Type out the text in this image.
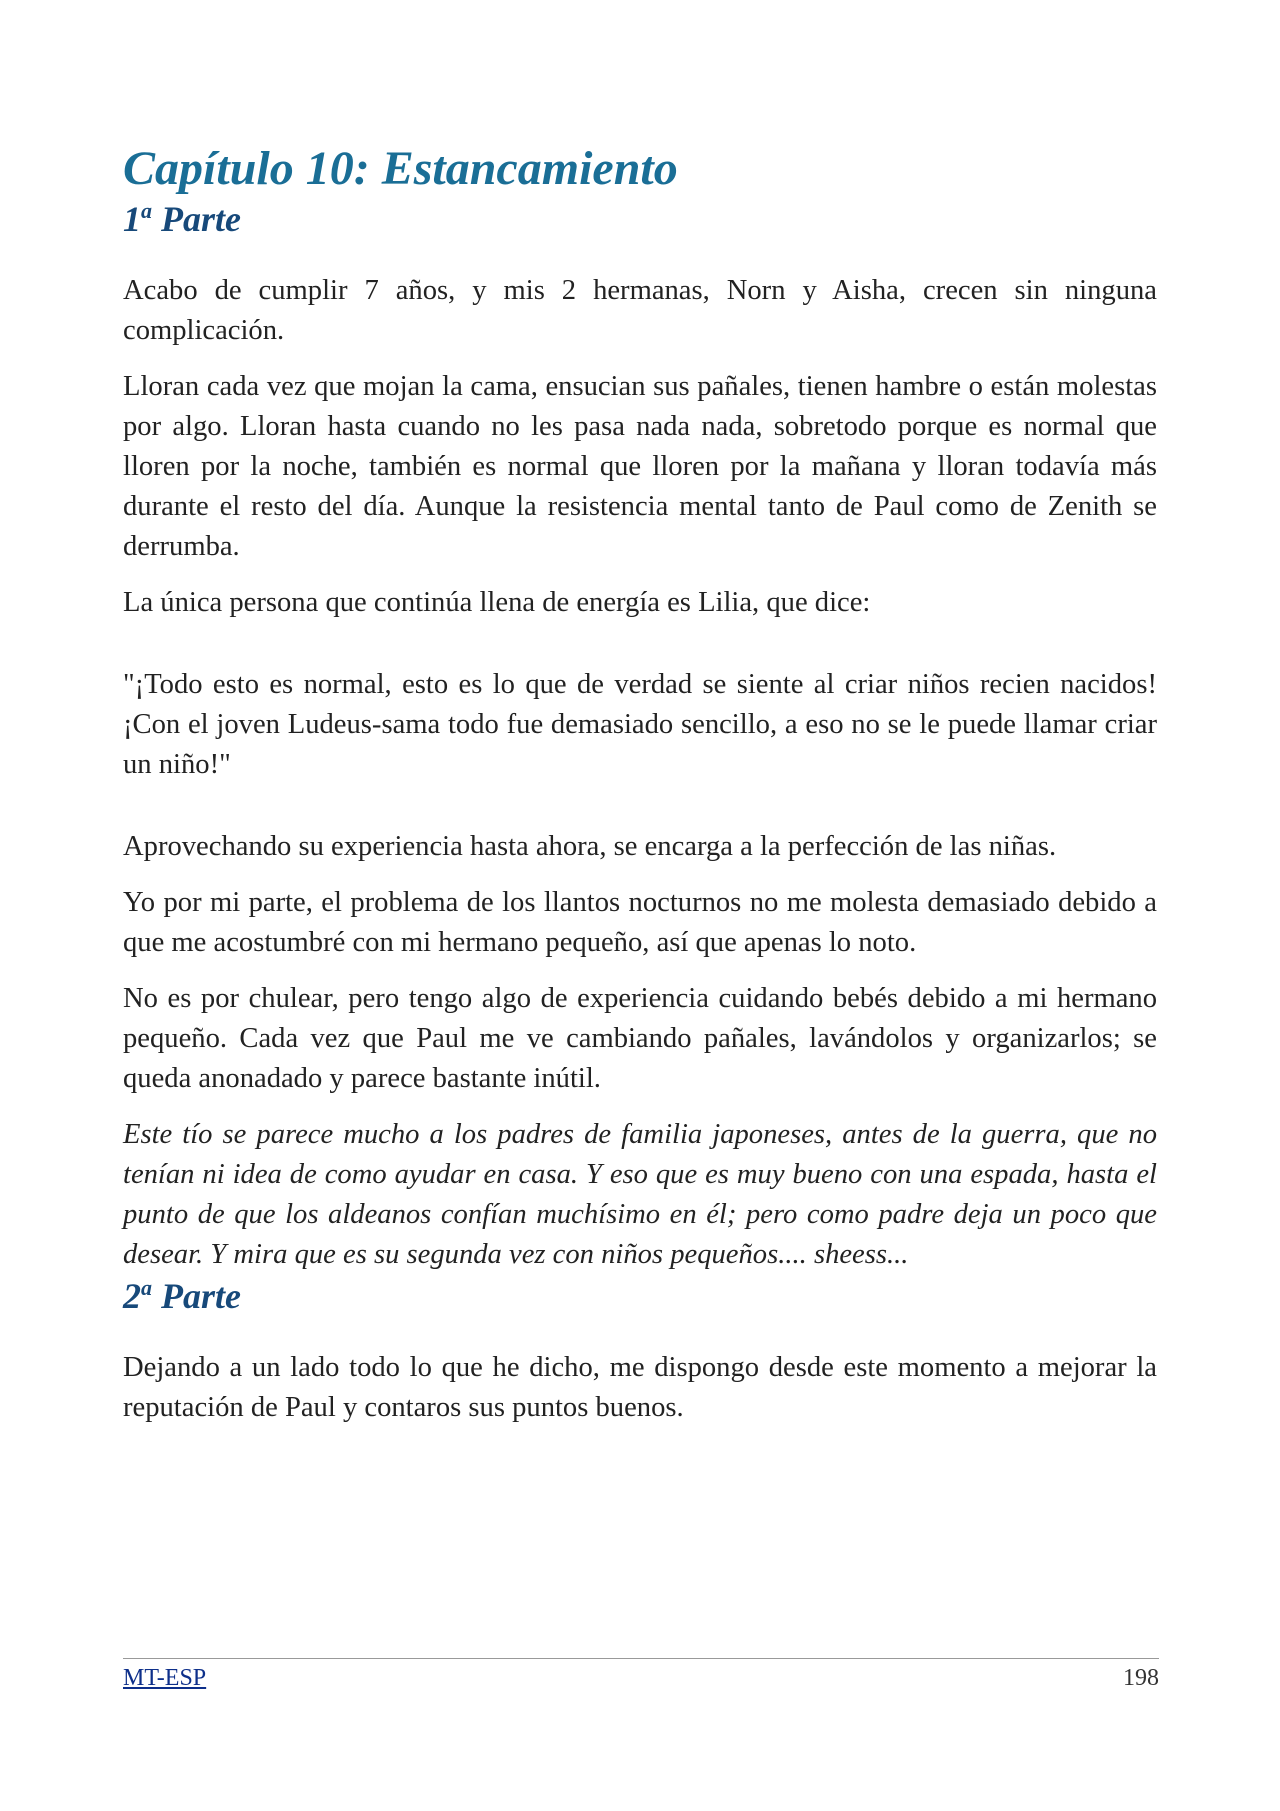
Capítulo 10: Estancamiento
1$^a$ Parte

Acabo de cumplir 7 años, y mis 2 hermanas, Norn y Aisha, crecen sin ninguna complicación.

Lloran cada vez que mojan la cama, ensucian sus pañales, tienen hambre o están molestas por algo. Lloran hasta cuando no les pasa nada nada, sobretodo porque es normal que lloren por la noche, también es normal que lloren por la mañana y lloran todavía más durante el resto del día. Aunque la resistencia mental tanto de Paul como de Zenith se derrumba.

La única persona que continúa llena de energía es Lilia, que dice:

"¡Todo esto es normal, esto es lo que de verdad se siente al criar niños recien nacidos! ¡Con el joven Ludeus-sama todo fue demasiado sencillo, a eso no se le puede llamar criar un niño!"

Aprovechando su experiencia hasta ahora, se encarga a la perfección de las niñas.

Yo por mi parte, el problema de los llantos nocturnos no me molesta demasiado debido a que me acostumbré con mi hermano pequeño, así que apenas lo noto.

No es por chulear, pero tengo algo de experiencia cuidando bebés debido a mi hermano pequeño. Cada vez que Paul me ve cambiando pañales, lavándolos y organizarlos; se queda anonadado y parece bastante inútil.

Este tío se parece mucho a los padres de familia japoneses, antes de la guerra, que no tenían ni idea de como ayudar en casa. Y eso que es muy bueno con una espada, hasta el punto de que los aldeanos confían muchísimo en él; pero como padre deja un poco que desear. Y mira que es su segunda vez con niños pequeños.... sheess...

2$^a$ Parte

Dejando a un lado todo lo que he dicho, me dispongo desde este momento a mejorar la reputación de Paul y contaros sus puntos buenos.

MT-ESP	198
